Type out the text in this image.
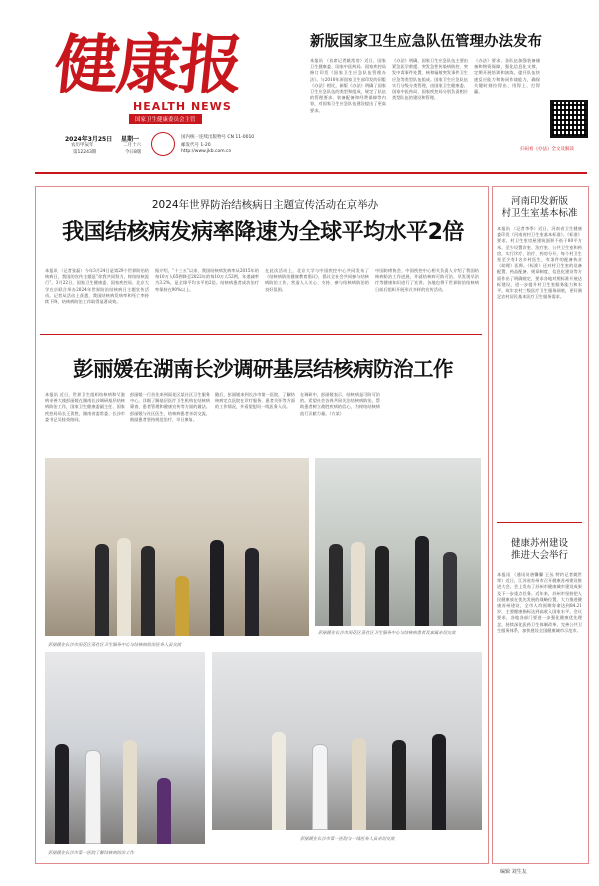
健康报
HEALTH NEWS
国家卫生健康委员会主管
2024年3月25日 星期一
农历甲辰年	二月十六
第12243期	今日8版
国内统一连续出版物号 CN 11-0010
邮发代号 1-20
http://www.jkb.com.cn
新版国家卫生应急队伍管理办法发布
本报讯 （首席记者姚常房）近日，国家卫生健康委、国家中医药局、国家疾控局修订印发《国家卫生应急队伍管理办法》。与2010年原国家卫生部印发的旧版《办法》相比，新版《办法》明确了国家卫生应急队伍的类型和组成，规定了队伍的管理要求、装备配备和经费保障等内容，对国家卫生应急队伍建设提出了更高要求。
《办法》明确，国家卫生应急队伍主要由紧急医学救援、突发急性传染病防控、突发中毒事件处置、核和辐射突发事件卫生应急等类型队伍组成。国家卫生应急队伍实行分级分类管理，由国家卫生健康委、国家中医药局、国家疾控局分别负责相应类型队伍的建设和管理。
《办法》要求，各队伍加强装备储备和物资保障，强化信息化支撑，定期开展培训和演练，提升队伍快速反应能力和协同作战能力，确保关键时刻拉得出、用得上、打得赢。
扫码看《办法》全文及解读
2024年世界防治结核病日主题宣传活动在京举办
我国结核病发病率降速为全球平均水平2倍
本报讯 （记者张磊）今年3月24日是第29个世界防治结核病日，我国的宣传主题是“你我共同努力，终结结核流行”。3月22日，国家卫生健康委、国家疾控局、北京大学在京联合举办2024年世界防治结核病日主题宣传活动。记者从活动上获悉，我国结核病发病率和死亡率持续下降，结核病防治工作取得显著成效。
据介绍，“十三五”以来，我国结核病发病率从2015年的每10万人65例降至2022年的每10万人52例，年递减率为3.2%，是全球平均水平的2倍。结核病患者成功治疗率保持在90%以上。
在此次活动上，北京大学与中国疾控中心共同发布了《结核病防治健康教育倡议》，倡议全社会共同参与结核病防治工作，营造人人关心、支持、参与结核病防治的良好氛围。
中国防痨协会、中国疾控中心相关负责人介绍了我国结核病防治工作进展，并就结核病可防可治、早发现早治疗等健康知识进行了宣讲。各地也将于世界防治结核病日前后组织开展形式多样的宣传活动。
彭丽媛在湖南长沙调研基层结核病防治工作
本报讯 近日，世界卫生组织结核病和艾滋病亲善大使彭丽媛在湖南长沙调研基层结核病防治工作，国家卫生健康委副主任、国家疾控局局长王贺胜，湖南省委常委、长沙市委书记吴桂英陪同。
彭丽媛一行首先来到雨花区某社区卫生服务中心，详细了解基层医疗卫生机构在结核病筛查、患者管理和健康宣传等方面的做法。彭丽媛与社区医生、结核病患者亲切交流，鼓励患者坚持规范治疗、早日康复。
随后，彭丽媛来到长沙市第一医院，了解结核病定点医院在诊疗服务、患者关怀等方面的工作情况，并看望慰问一线医务人员。
在调研中，彭丽媛表示，结核病是可防可治的。希望社会各界共同关注结核病防治，帮助患者树立战胜疾病的信心，为终结结核病流行贡献力量。（方某）
彭丽媛在长沙市雨花区某社区卫生服务中心与结核病防治医务人员交流
彭丽媛在长沙市雨花区某社区卫生服务中心与结核病患者及家属亲切交流
彭丽媛在长沙市第一医院了解结核病防治工作
彭丽媛在长沙市第一医院与一线医务人员亲切交流
河南印发新版
村卫生室基本标准
本报讯 （记者李季）近日，河南省卫生健康委印发《河南省村卫生室基本标准》。《标准》要求，村卫生室房屋建筑面积不低于80平方米，至少设置诊室、治疗室、公共卫生室和药房，实行诊疗、治疗、药房分开。每个村卫生室至少有1名乡村医生，有条件的配备执业（助理）医师。《标准》还对村卫生室的设备配置、药品配备、规章制度、信息化建设等方面作出了明确规定，要求各地对照标准开展达标建设，进一步提升村卫生室服务能力和水平，筑牢农村三级医疗卫生服务网底，更好满足农村居民基本医疗卫生服务需求。
健康苏州建设
推进大会举行
本报讯 （通讯员唐馨馨 王丛 特约记者姚世荣）近日，江苏省苏州市召开健康苏州建设推进大会。会上发布了苏州市健康城市建设成果及下一步重点任务。近年来，苏州市坚持把人民健康放在优先发展的战略位置，大力推进健康苏州建设，全市人均预期寿命达到84.21岁，主要健康指标达到高收入国家水平。会议要求，各地各部门要进一步强化健康优先理念，持续深化医药卫生体制改革，完善公共卫生服务体系，加快建设全国健康城市示范市。
编辑 刘生友
